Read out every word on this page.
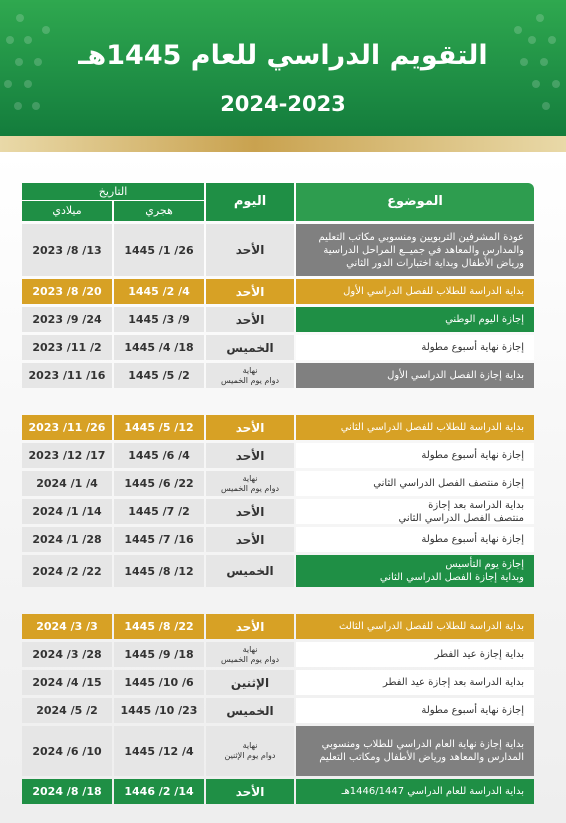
التقويم الدراسي للعام 1445هـ
2024-2023
الموضوع
اليوم
التاريخ
هجري
ميلادي
عودة المشرفين التربويين ومنسوبي مكاتب التعليم والمدارس والمعاهد في جميــع المراحل الدراسية ورياض الأطفال وبداية اختبارات الدور الثاني
الأحد
1445 /1 /26
2023 /8 /13
بداية الدراسة للطلاب للفصل الدراسي الأول
الأحد
1445 /2 /4
2023 /8 /20
إجازة اليوم الوطني
الأحد
1445 /3 /9
2023 /9 /24
إجازة نهاية أسبوع مطولة
الخميس
1445 /4 /18
2023 /11 /2
بداية إجازة الفصل الدراسي الأول
نهاية
دوام يوم الخميس
1445 /5 /2
2023 /11 /16
بداية الدراسة للطلاب للفصل الدراسي الثاني
الأحد
1445 /5 /12
2023 /11 /26
إجازة نهاية أسبوع مطولة
الأحد
1445 /6 /4
2023 /12 /17
إجازة منتصف الفصل الدراسي الثاني
نهاية
دوام يوم الخميس
1445 /6 /22
2024 /1 /4
بداية الدراسة بعد إجازة
منتصف الفصل الدراسي الثاني
الأحد
1445 /7 /2
2024 /1 /14
إجازة نهاية أسبوع مطولة
الأحد
1445 /7 /16
2024 /1 /28
إجازة يوم التأسيس
وبداية إجازة الفصل الدراسي الثاني
الخميس
1445 /8 /12
2024 /2 /22
بداية الدراسة للطلاب للفصل الدراسي الثالث
الأحد
1445 /8 /22
2024 /3 /3
بداية إجازة عيد الفطر
نهاية
دوام يوم الخميس
1445 /9 /18
2024 /3 /28
بداية الدراسة بعد إجازة عيد الفطر
الإثنين
1445 /10 /6
2024 /4 /15
إجازة نهاية أسبوع مطولة
الخميس
1445 /10 /23
2024 /5 /2
بداية إجازة نهاية العام الدراسي للطلاب ومنسوبي المدارس والمعاهد ورياض الأطفال ومكاتب التعليم
نهاية
دوام يوم الإثنين
1445 /12 /4
2024 /6 /10
بداية الدراسة للعام الدراسي 1446/1447هـ
الأحد
1446 /2 /14
2024 /8 /18
